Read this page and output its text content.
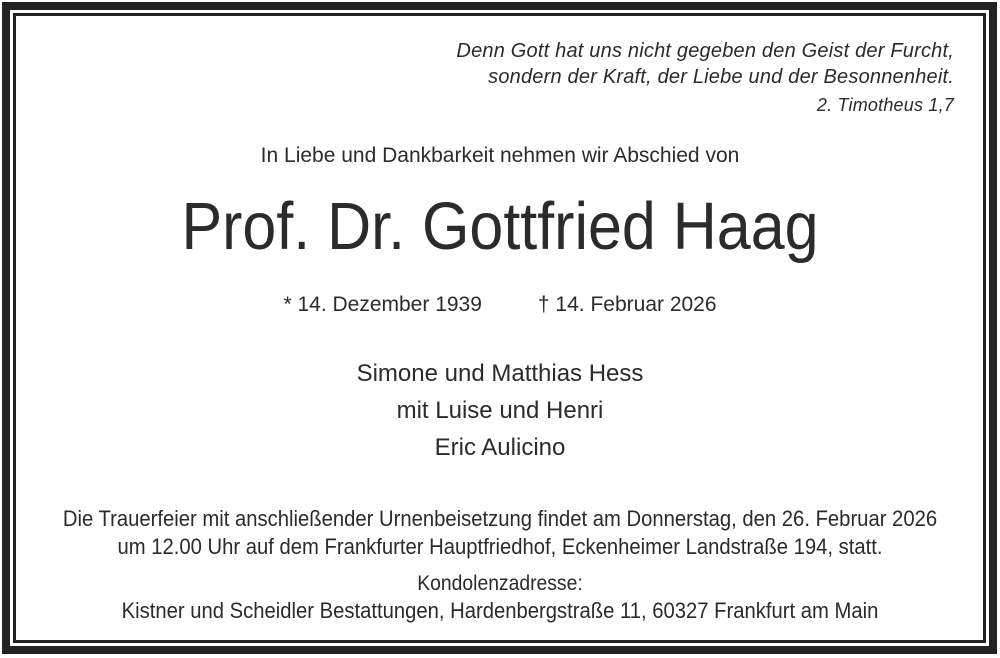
Denn Gott hat uns nicht gegeben den Geist der Furcht,
sondern der Kraft, der Liebe und der Besonnenheit.
2. Timotheus 1,7
In Liebe und Dankbarkeit nehmen wir Abschied von
Prof. Dr. Gottfried Haag
* 14. Dezember 1939	† 14. Februar 2026
Simone und Matthias Hess
mit Luise und Henri
Eric Aulicino
Die Trauerfeier mit anschließender Urnenbeisetzung findet am Donnerstag, den 26. Februar 2026
um 12.00 Uhr auf dem Frankfurter Hauptfriedhof, Eckenheimer Landstraße 194, statt.
Kondolenzadresse:
Kistner und Scheidler Bestattungen, Hardenbergstraße 11, 60327 Frankfurt am Main
